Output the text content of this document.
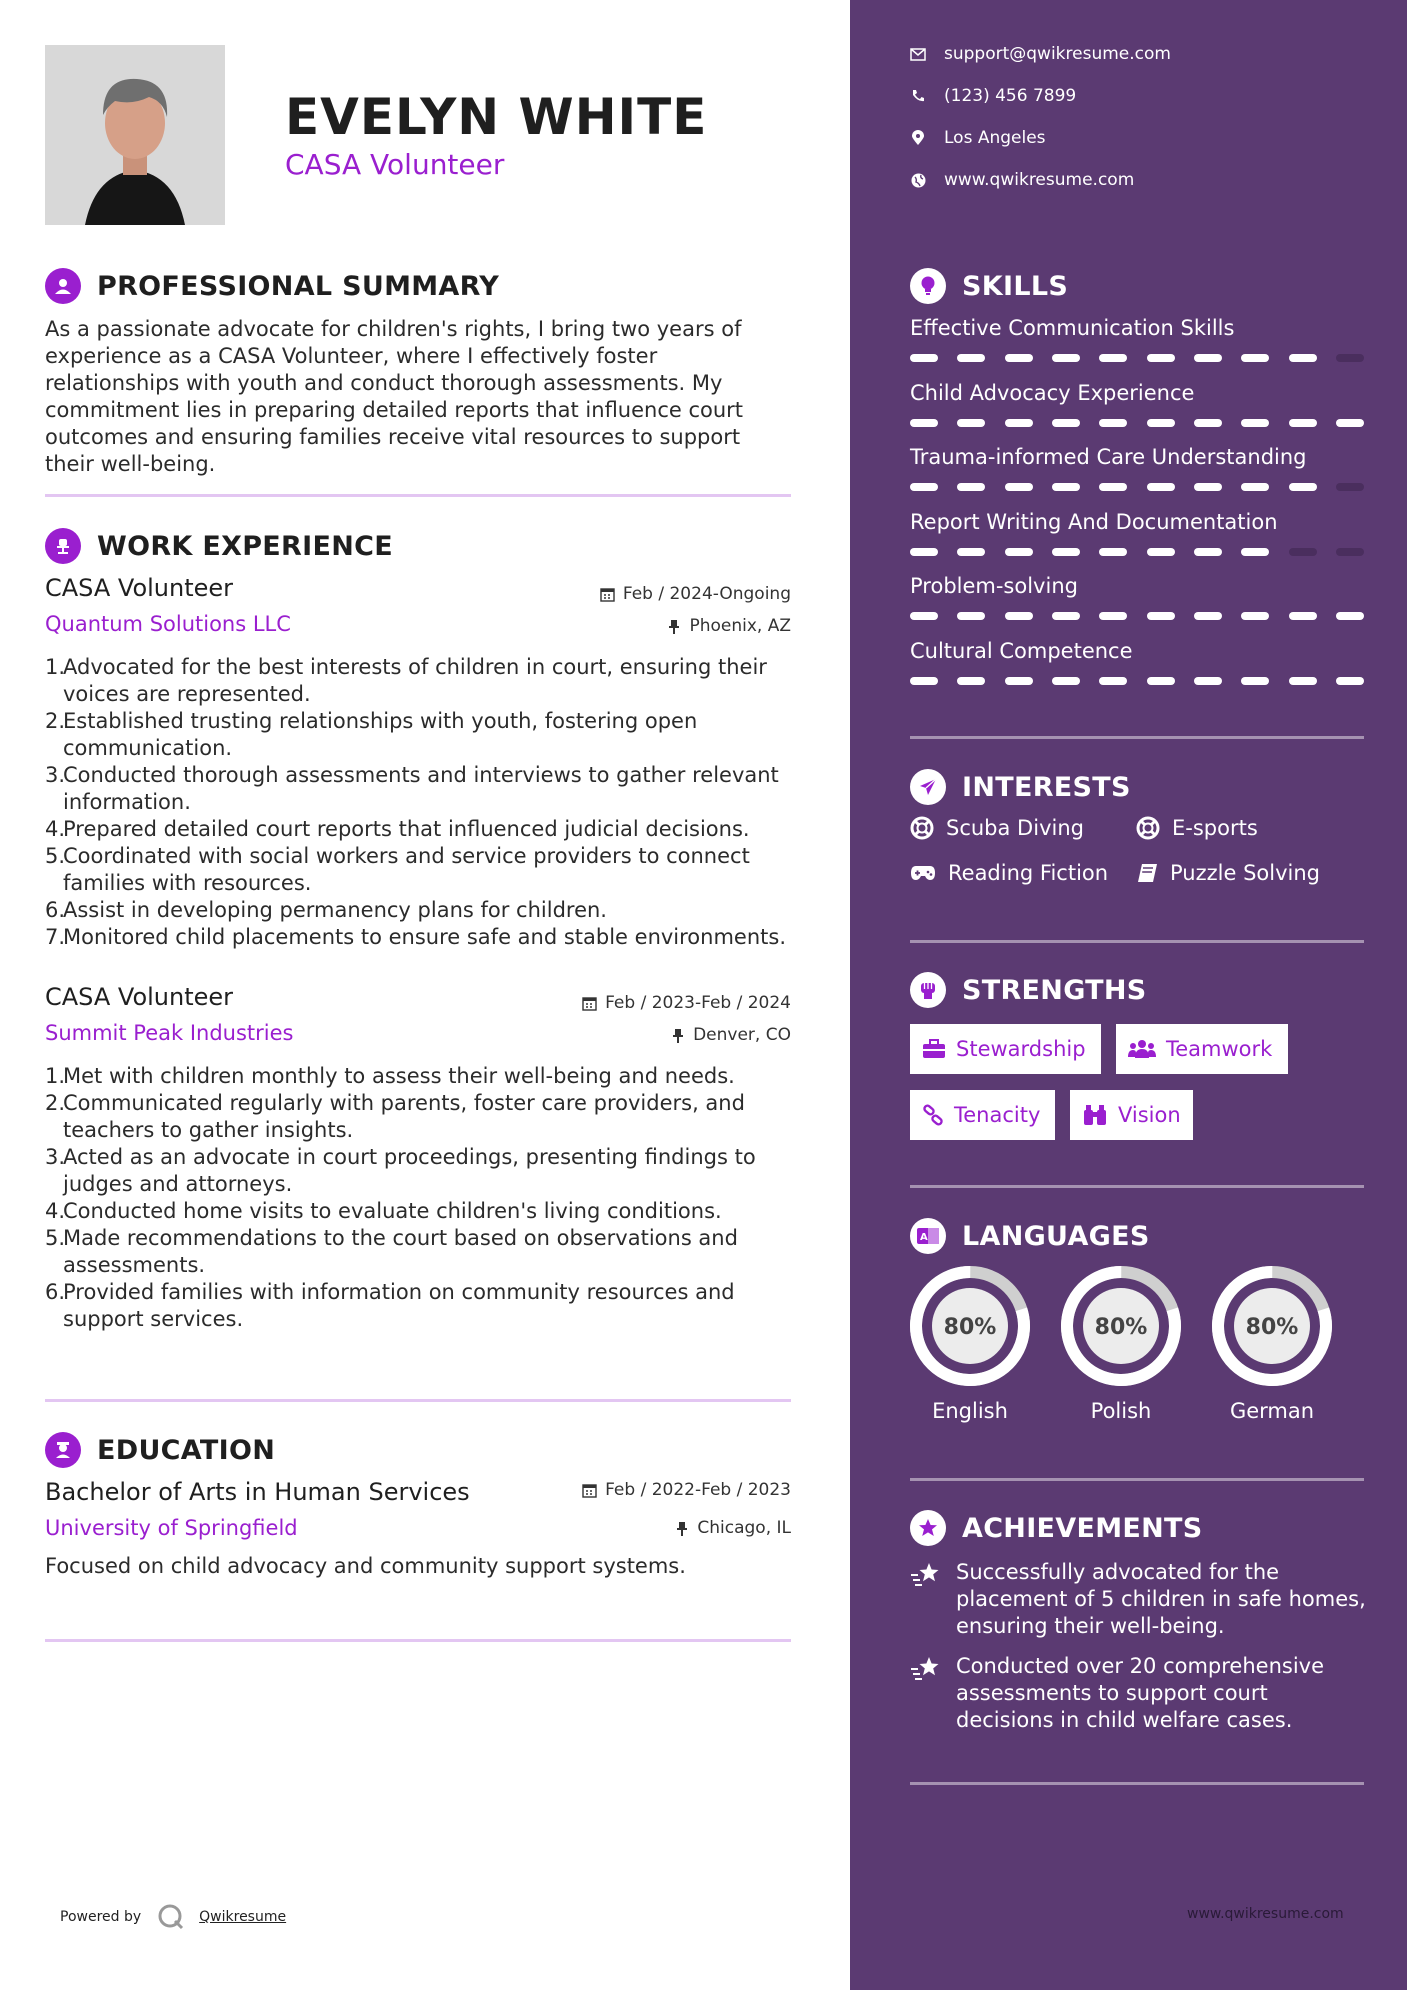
EVELYN WHITE
CASA Volunteer
PROFESSIONAL SUMMARY
As a passionate advocate for children's rights, I bring two years of experience as a CASA Volunteer, where I effectively foster relationships with youth and conduct thorough assessments. My commitment lies in preparing detailed reports that influence court outcomes and ensuring families receive vital resources to support their well-being.
WORK EXPERIENCE
CASA Volunteer	Feb / 2024-Ongoing
Quantum Solutions LLC	Phoenix, AZ
1.
Advocated for the best interests of children in court, ensuring their voices are represented.
2.
Established trusting relationships with youth, fostering open communication.
3.
Conducted thorough assessments and interviews to gather relevant information.
4.
Prepared detailed court reports that influenced judicial decisions.
5.
Coordinated with social workers and service providers to connect families with resources.
6.
Assist in developing permanency plans for children.
7.
Monitored child placements to ensure safe and stable environments.
CASA Volunteer	Feb / 2023-Feb / 2024
Summit Peak Industries	Denver, CO
1.
Met with children monthly to assess their well-being and needs.
2.
Communicated regularly with parents, foster care providers, and teachers to gather insights.
3.
Acted as an advocate in court proceedings, presenting findings to judges and attorneys.
4.
Conducted home visits to evaluate children's living conditions.
5.
Made recommendations to the court based on observations and assessments.
6.
Provided families with information on community resources and support services.
EDUCATION
Bachelor of Arts in Human Services	Feb / 2022-Feb / 2023
University of Springfield	Chicago, IL
Focused on child advocacy and community support systems.
Powered by	Qwikresume
support@qwikresume.com
(123) 456 7899
Los Angeles
www.qwikresume.com
SKILLS
Effective Communication Skills
Child Advocacy Experience
Trauma-informed Care Understanding
Report Writing And Documentation
Problem-solving
Cultural Competence
INTERESTS
Scuba Diving	E-sports
Reading Fiction	Puzzle Solving
STRENGTHS
Stewardship	Teamwork
Tenacity	Vision
A LANGUAGES
80%
English
80%
Polish
80%
German
ACHIEVEMENTS
Successfully advocated for the placement of 5 children in safe homes, ensuring their well-being.
Conducted over 20 comprehensive assessments to support court decisions in child welfare cases.
www.qwikresume.com
